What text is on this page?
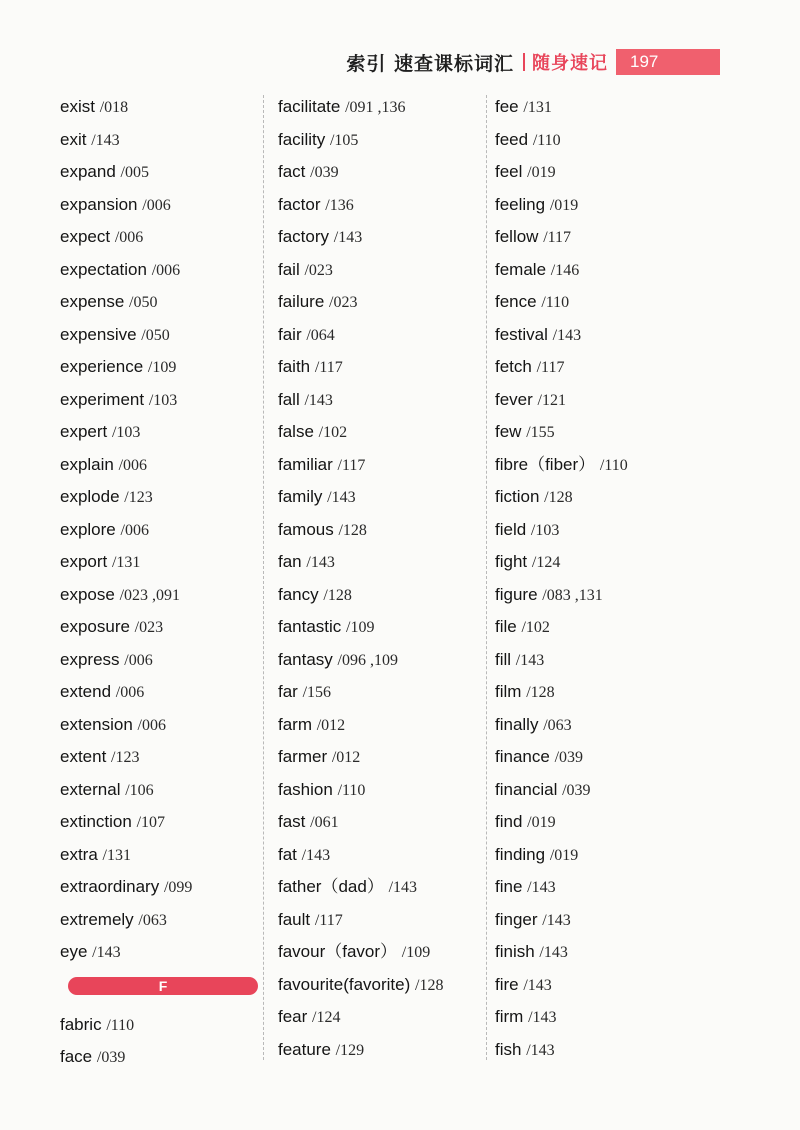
索引 速查课标词汇 随身速记	197
exist /018
exit /143
expand /005
expansion /006
expect /006
expectation /006
expense /050
expensive /050
experience /109
experiment /103
expert /103
explain /006
explode /123
explore /006
export /131
expose /023 ,091
exposure /023
express /006
extend /006
extension /006
extent /123
external /106
extinction /107
extra /131
extraordinary /099
extremely /063
eye /143
fabric /110
face /039
F
facilitate /091 ,136
facility /105
fact /039
factor /136
factory /143
fail /023
failure /023
fair /064
faith /117
fall /143
false /102
familiar /117
family /143
famous /128
fan /143
fancy /128
fantastic /109
fantasy /096 ,109
far /156
farm /012
farmer /012
fashion /110
fast /061
fat /143
father（dad） /143
fault /117
favour（favor） /109
favourite(favorite) /128
fear /124
feature /129
fee /131
feed /110
feel /019
feeling /019
fellow /117
female /146
fence /110
festival /143
fetch /117
fever /121
few /155
fibre（fiber） /110
fiction /128
field /103
fight /124
figure /083 ,131
file /102
fill /143
film /128
finally /063
finance /039
financial /039
find /019
finding /019
fine /143
finger /143
finish /143
fire /143
firm /143
fish /143
